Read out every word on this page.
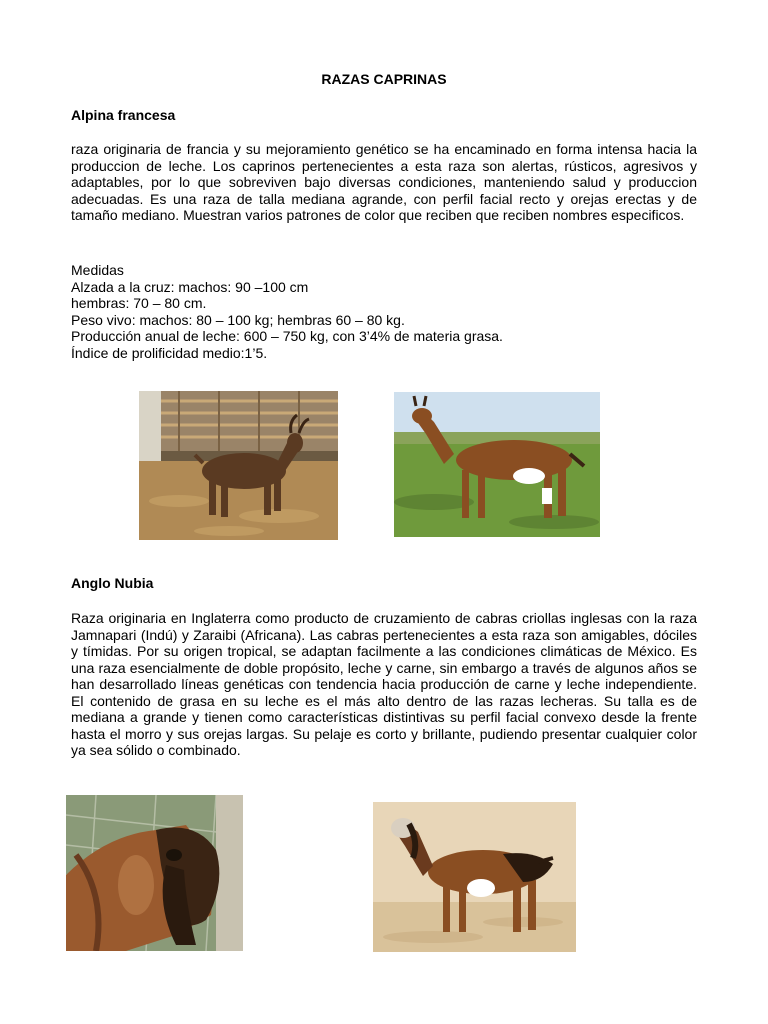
RAZAS CAPRINAS
Alpina francesa

raza originaria de francia y su mejoramiento genético se ha encaminado en forma intensa hacia la produccion de leche. Los caprinos pertenecientes a esta raza son alertas, rústicos, agresivos y adaptables, por lo que sobreviven bajo diversas condiciones, manteniendo salud y produccion adecuadas. Es una raza de talla mediana agrande, con perfil facial recto y orejas erectas y de tamaño mediano. Muestran varios patrones de color que reciben que reciben nombres especificos.

Medidas
Alzada a la cruz: machos: 90 –100 cm
hembras: 70 – 80 cm.
Peso vivo: machos: 80 – 100 kg; hembras 60 – 80 kg.
Producción anual de leche: 600 – 750 kg, con 3’4% de materia grasa.
Índice de prolificidad medio:1’5.
Anglo Nubia

Raza originaria en Inglaterra como producto de cruzamiento de cabras criollas inglesas con la raza Jamnapari (Indú) y Zaraibi (Africana). Las cabras pertenecientes a esta raza son amigables, dóciles y tímidas. Por su origen tropical, se adaptan facilmente a las condiciones climáticas de México. Es una raza esencialmente de doble propósito, leche y carne, sin embargo a través de algunos años se han desarrollado líneas genéticas con tendencia hacia producción de carne y leche independiente. El contenido de grasa en su leche es el más alto dentro de las razas lecheras. Su talla es de mediana a grande y tienen como características distintivas su perfil facial convexo desde la frente hasta el morro y sus orejas largas. Su pelaje es corto y brillante, pudiendo presentar cualquier color ya sea sólido o combinado.
